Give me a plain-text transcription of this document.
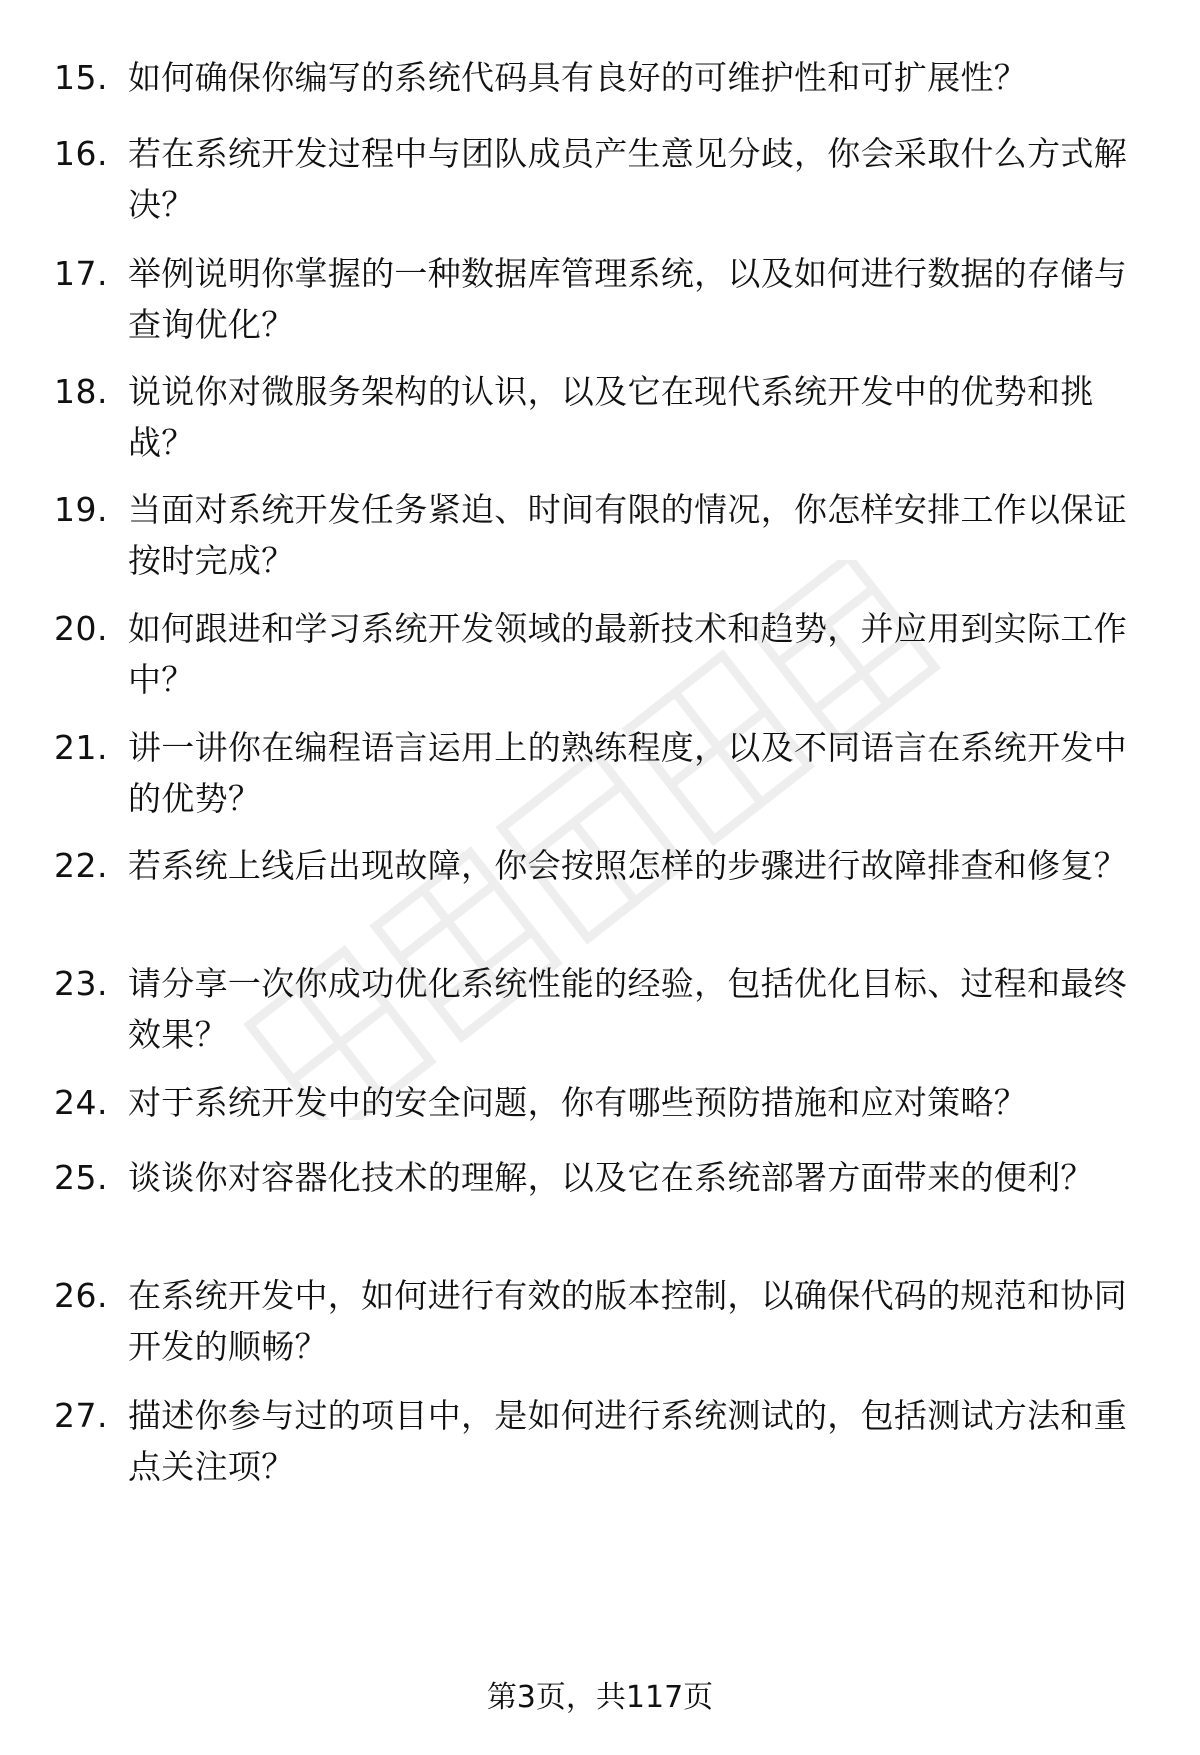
15. 如何确保你编写的系统代码具有良好的可维护性和可扩展性？
16. 若在系统开发过程中与团队成员产生意见分歧，你会采取什么方式解决？
17. 举例说明你掌握的一种数据库管理系统，以及如何进行数据的存储与查询优化？
18. 说说你对微服务架构的认识，以及它在现代系统开发中的优势和挑战？
19. 当面对系统开发任务紧迫、时间有限的情况，你怎样安排工作以保证按时完成？
20. 如何跟进和学习系统开发领域的最新技术和趋势，并应用到实际工作中？
21. 讲一讲你在编程语言运用上的熟练程度，以及不同语言在系统开发中的优势？
22. 若系统上线后出现故障，你会按照怎样的步骤进行故障排查和修复？
23. 请分享一次你成功优化系统性能的经验，包括优化目标、过程和最终效果？
24. 对于系统开发中的安全问题，你有哪些预防措施和应对策略？
25. 谈谈你对容器化技术的理解，以及它在系统部署方面带来的便利？
26. 在系统开发中，如何进行有效的版本控制，以确保代码的规范和协同开发的顺畅？
27. 描述你参与过的项目中，是如何进行系统测试的，包括测试方法和重点关注项？
第3页，共117页
